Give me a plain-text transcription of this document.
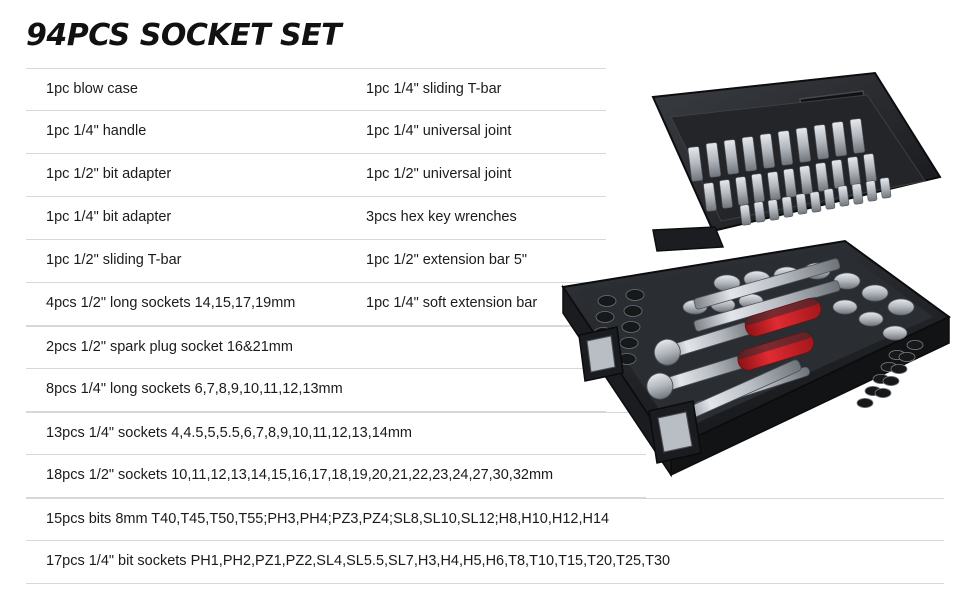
94PCS SOCKET SET
1pc blow case	1pc 1/4" sliding T-bar
1pc 1/4" handle	1pc 1/4" universal joint
1pc 1/2" bit adapter	1pc 1/2" universal joint
1pc 1/4" bit adapter	3pcs hex key wrenches
1pc 1/2" sliding T-bar	1pc 1/2" extension bar 5"
4pcs 1/2" long sockets 14,15,17,19mm	1pc 1/4" soft extension bar
2pcs 1/2" spark plug socket 16&21mm
8pcs 1/4" long sockets 6,7,8,9,10,11,12,13mm
13pcs 1/4" sockets 4,4.5,5,5.5,6,7,8,9,10,11,12,13,14mm
18pcs 1/2" sockets 10,11,12,13,14,15,16,17,18,19,20,21,22,23,24,27,30,32mm
15pcs bits 8mm T40,T45,T50,T55;PH3,PH4;PZ3,PZ4;SL8,SL10,SL12;H8,H10,H12,H14
17pcs 1/4" bit sockets PH1,PH2,PZ1,PZ2,SL4,SL5.5,SL7,H3,H4,H5,H6,T8,T10,T15,T20,T25,T30
